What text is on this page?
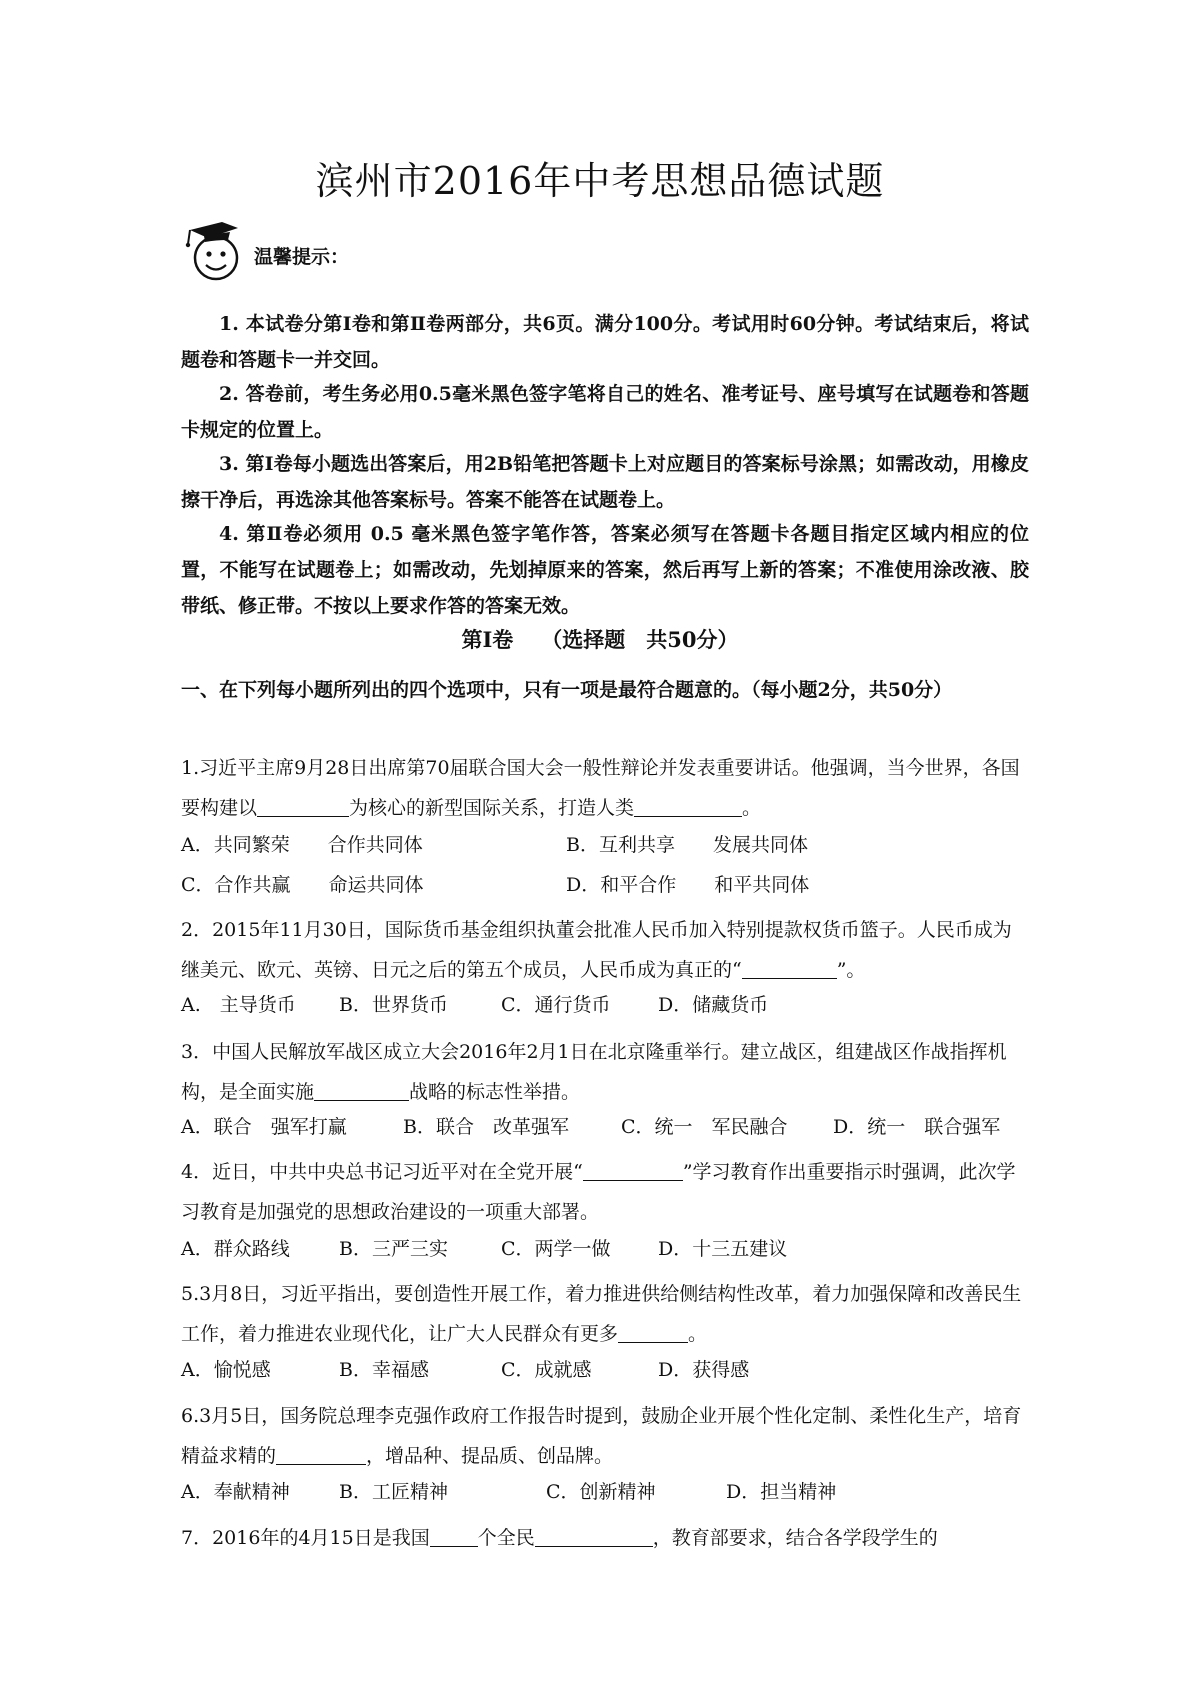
滨州市2016年中考思想品德试题
温馨提示：

1. 本试卷分第Ⅰ卷和第Ⅱ卷两部分，共6页。满分100分。考试用时60分钟。考试结束后，将试题卷和答题卡一并交回。

2. 答卷前，考生务必用0.5毫米黑色签字笔将自己的姓名、准考证号、座号填写在试题卷和答题卡规定的位置上。

3. 第Ⅰ卷每小题选出答案后，用2B铅笔把答题卡上对应题目的答案标号涂黑；如需改动，用橡皮擦干净后，再选涂其他答案标号。答案不能答在试题卷上。

4. 第Ⅱ卷必须用 0.5 毫米黑色签字笔作答，答案必须写在答题卡各题目指定区域内相应的位置，不能写在试题卷上；如需改动，先划掉原来的答案，然后再写上新的答案；不准使用涂改液、胶带纸、修正带。不按以上要求作答的答案无效。

第Ⅰ卷 （选择题　共50分）
一、在下列每小题所列出的四个选项中，只有一项是最符合题意的。（每小题2分，共50分）
1.习近平主席9月28日出席第70届联合国大会一般性辩论并发表重要讲话。他强调，当今世界，各国要构建以	为核心的新型国际关系，打造人类	。
A．共同繁荣　　合作共同体	B．互利共享　　发展共同体
C．合作共赢　　命运共同体	D．和平合作　　和平共同体
2．2015年11月30日，国际货币基金组织执董会批准人民币加入特别提款权货币篮子。人民币成为继美元、欧元、英镑、日元之后的第五个成员，人民币成为真正的“	”。
A.　主导货币 B．世界货币	C．通行货币 D．储藏货币
3．中国人民解放军战区成立大会2016年2月1日在北京隆重举行。建立战区，组建战区作战指挥机构，是全面实施	战略的标志性举措。
A．联合　强军打赢	B．联合　改革强军	C．统一　军民融合 D．统一　联合强军
4．近日，中共中央总书记习近平对在全党开展“	”学习教育作出重要指示时强调，此次学习教育是加强党的思想政治建设的一项重大部署。
A．群众路线	B．三严三实	C．两学一做 D．十三五建议
5.3月8日，习近平指出，要创造性开展工作，着力推进供给侧结构性改革，着力加强保障和改善民生工作，着力推进农业现代化，让广大人民群众有更多	。
A．愉悦感	B．幸福感	C．成就感	D．获得感
6.3月5日，国务院总理李克强作政府工作报告时提到，鼓励企业开展个性化定制、柔性化生产，培育精益求精的	，增品种、提品质、创品牌。
A．奉献精神	B．工匠精神	C．创新精神	D．担当精神
7．2016年的4月15日是我国	个全民	，教育部要求，结合各学段学生的
